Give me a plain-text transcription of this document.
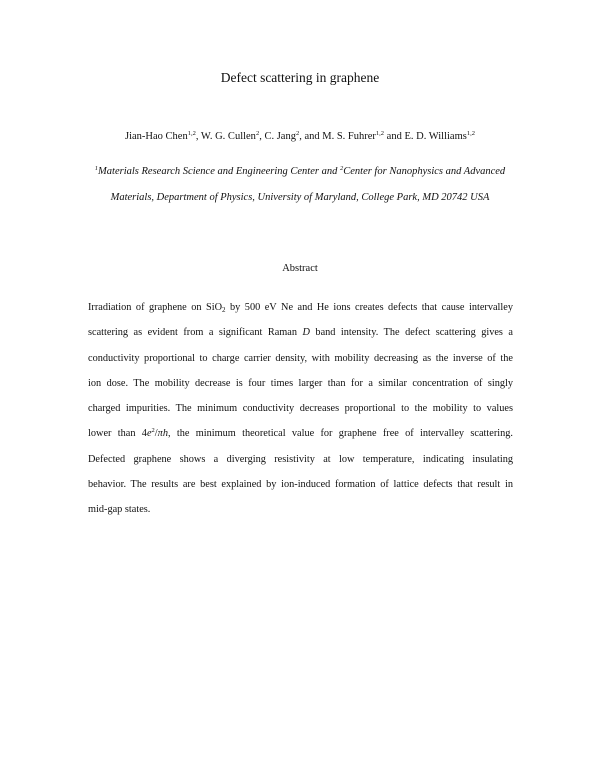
Defect scattering in graphene
Jian-Hao Chen$^{1,2}$, W. G. Cullen$^2$, C. Jang$^2$, and M. S. Fuhrer$^{1,2}$ and E. D. Williams$^{1,2}$
$^1$Materials Research Science and Engineering Center and $^2$Center for Nanophysics and Advanced
Materials, Department of Physics, University of Maryland, College Park, MD 20742 USA
Abstract
Irradiation of graphene on SiO$_2$ by 500 eV Ne and He ions creates defects that cause intervalley
scattering as evident from a significant Raman D band intensity. The defect scattering gives a
conductivity proportional to charge carrier density, with mobility decreasing as the inverse of the
ion dose. The mobility decrease is four times larger than for a similar concentration of singly
charged impurities. The minimum conductivity decreases proportional to the mobility to values
lower than $4e^2/\pi h$, the minimum theoretical value for graphene free of intervalley scattering.
Defected graphene shows a diverging resistivity at low temperature, indicating insulating
behavior. The results are best explained by ion-induced formation of lattice defects that result in
mid-gap states.
